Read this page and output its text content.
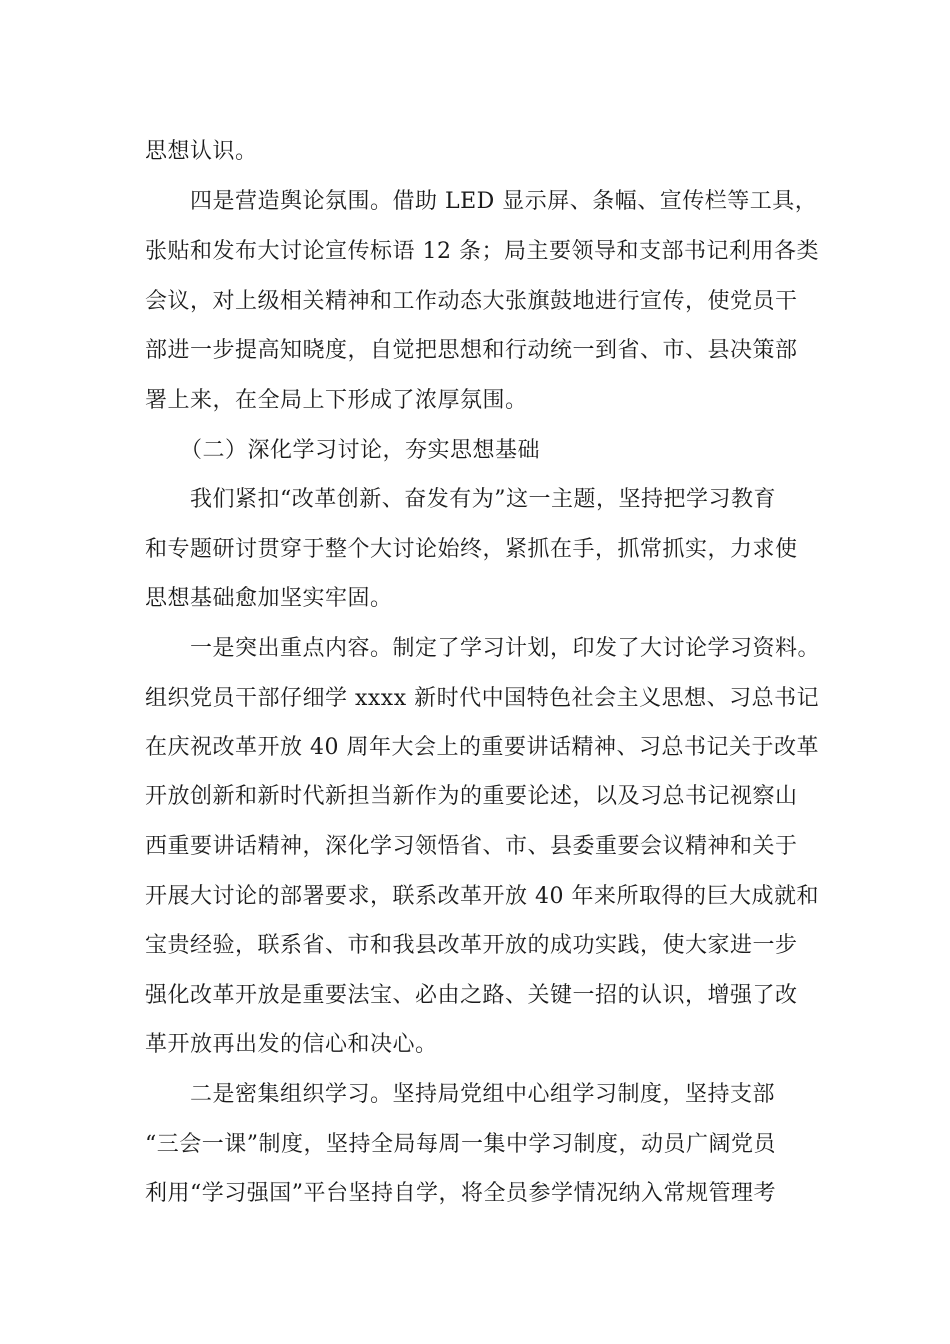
思想认识。
四是营造舆论氛围。借助 LED 显示屏、条幅、宣传栏等工具，
张贴和发布大讨论宣传标语 12 条；局主要领导和支部书记利用各类
会议，对上级相关精神和工作动态大张旗鼓地进行宣传，使党员干
部进一步提高知晓度，自觉把思想和行动统一到省、市、县决策部
署上来，在全局上下形成了浓厚氛围。
（二）深化学习讨论，夯实思想基础
我们紧扣“改革创新、奋发有为”这一主题，坚持把学习教育
和专题研讨贯穿于整个大讨论始终，紧抓在手，抓常抓实，力求使
思想基础愈加坚实牢固。
一是突出重点内容。制定了学习计划，印发了大讨论学习资料。
组织党员干部仔细学 xxxx 新时代中国特色社会主义思想、习总书记
在庆祝改革开放 40 周年大会上的重要讲话精神、习总书记关于改革
开放创新和新时代新担当新作为的重要论述，以及习总书记视察山
西重要讲话精神，深化学习领悟省、市、县委重要会议精神和关于
开展大讨论的部署要求，联系改革开放 40 年来所取得的巨大成就和
宝贵经验，联系省、市和我县改革开放的成功实践，使大家进一步
强化改革开放是重要法宝、必由之路、关键一招的认识，增强了改
革开放再出发的信心和决心。
二是密集组织学习。坚持局党组中心组学习制度，坚持支部
“三会一课”制度，坚持全局每周一集中学习制度，动员广阔党员
利用“学习强国”平台坚持自学，将全员参学情况纳入常规管理考
